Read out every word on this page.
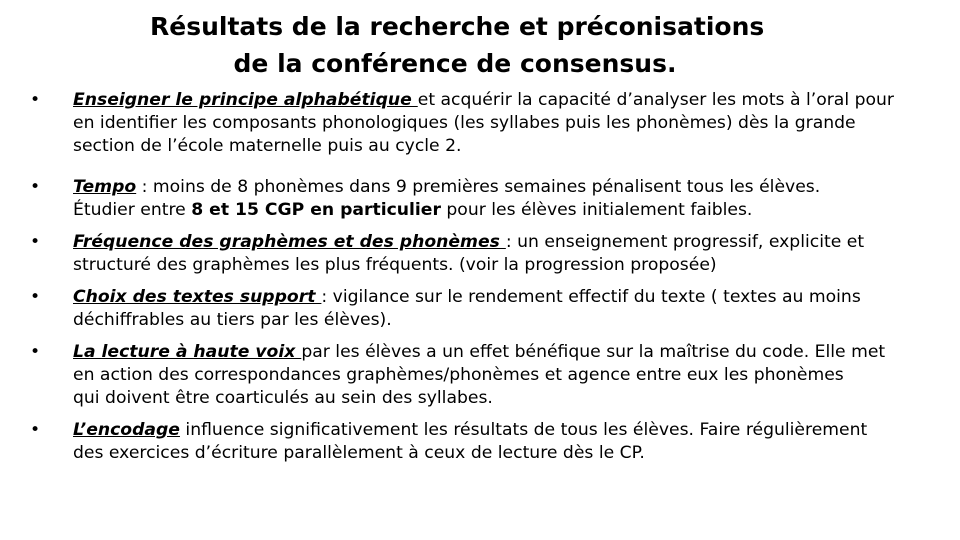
Résultats de la recherche et préconisations
de la conférence de consensus.
• Enseigner le principe alphabétique et acquérir la capacité d’analyser les mots à l’oral pour
en identifier les composants phonologiques (les syllabes puis les phonèmes) dès la grande
section de l’école maternelle puis au cycle 2.
• Tempo : moins de 8 phonèmes dans 9 premières semaines pénalisent tous les élèves.
Étudier entre 8 et 15 CGP en particulier pour les élèves initialement faibles.
• Fréquence des graphèmes et des phonèmes : un enseignement progressif, explicite et
structuré des graphèmes les plus fréquents. (voir la progression proposée)
• Choix des textes support : vigilance sur le rendement effectif du texte ( textes au moins
déchiffrables au tiers par les élèves).
• La lecture à haute voix par les élèves a un effet bénéfique sur la maîtrise du code. Elle met
en action des correspondances graphèmes/phonèmes et agence entre eux les phonèmes
qui doivent être coarticulés au sein des syllabes.
• L’encodage influence significativement les résultats de tous les élèves. Faire régulièrement
des exercices d’écriture parallèlement à ceux de lecture dès le CP.
